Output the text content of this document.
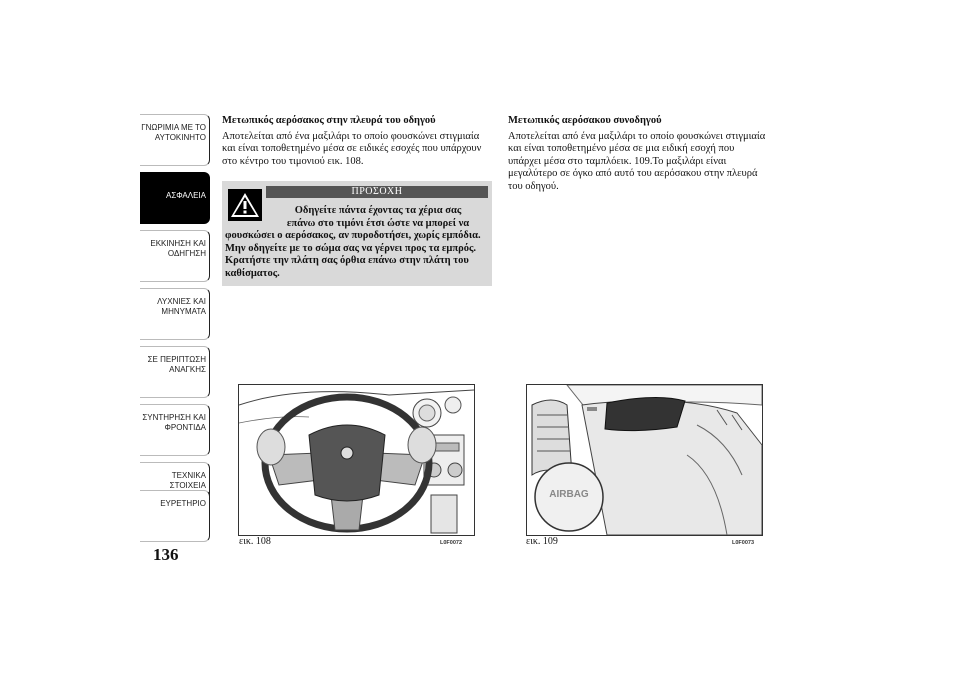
ΓΝΩΡΙΜΙΑ ΜΕ ΤΟ
ΑΥΤΟΚΙΝΗΤΟ
ΑΣΦΑΛΕΙΑ
ΕΚΚΙΝΗΣΗ ΚΑΙ
ΟΔΗΓΗΣΗ
ΛΥΧΝΙΕΣ ΚΑΙ
ΜΗΝΥΜΑΤΑ
ΣΕ ΠΕΡΙΠΤΩΣΗ
ΑΝΑΓΚΗΣ
ΣΥΝΤΗΡΗΣΗ ΚΑΙ
ΦΡΟΝΤΙΔΑ
ΤΕΧΝΙΚΑ ΣΤΟΙΧΕΙΑ
ΕΥΡΕΤΗΡΙΟ
136
Μετωπικός αερόσακος στην πλευρά του οδηγού

Αποτελείται από ένα μαξιλάρι το οποίο φουσκώνει στιγμιαία και είναι τοποθετημένο μέσα σε ειδικές εσοχές που υπάρχουν στο κέντρο του τιμονιού εικ. 108.

ΠΡΟΣΟΧΗ
Οδηγείτε πάντα έχοντας τα χέρια σας
επάνω στο τιμόνι έτσι ώστε να μπορεί να
φουσκώσει ο αερόσακος, αν πυροδοτήσει, χωρίς εμπόδια. Μην οδηγείτε με το σώμα σας να γέρνει προς τα εμπρός. Κρατήστε την πλάτη σας όρθια επάνω στην πλάτη του καθίσματος.
Μετωπικός αερόσακου συνοδηγού

Αποτελείται από ένα μαξιλάρι το οποίο φουσκώνει στιγμιαία και είναι τοποθετημένο μέσα σε μια ειδική εσοχή που υπάρχει μέσα στο ταμπλόεικ. 109.Το μαξιλάρι είναι μεγαλύτερο σε όγκο από αυτό του αερόσακου στην πλευρά του οδηγού.

εικ. 108	L0F0072
AIRBAG
εικ. 109	L0F0073
